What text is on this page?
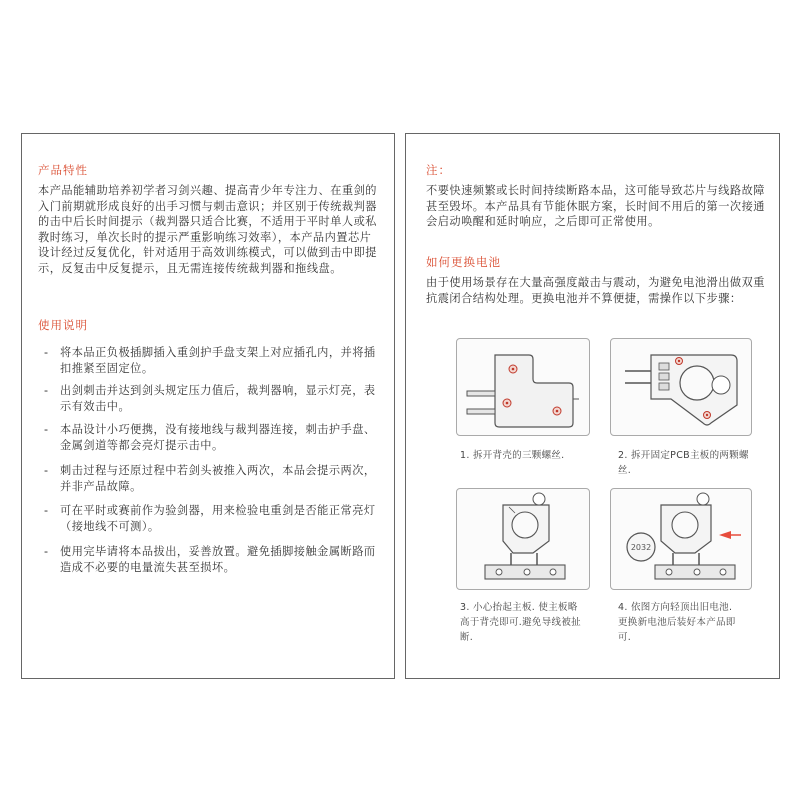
产品特性
本产品能辅助培养初学者习剑兴趣、提高青少年专注力、在重剑的入门前期就形成良好的出手习惯与刺击意识；并区别于传统裁判器的击中后长时间提示（裁判器只适合比赛，不适用于平时单人或私教时练习，单次长时的提示严重影响练习效率），本产品内置芯片设计经过反复优化，针对适用于高效训练模式，可以做到击中即提示，反复击中反复提示，且无需连接传统裁判器和拖线盘。
使用说明
-	将本品正负极插脚插入重剑护手盘支架上对应插孔内，并将插扣推紧至固定位。
-	出剑刺击并达到剑头规定压力值后，裁判器响，显示灯亮，表示有效击中。
-	本品设计小巧便携，没有接地线与裁判器连接，刺击护手盘、金属剑道等都会亮灯提示击中。
-	刺击过程与还原过程中若剑头被推入两次，本品会提示两次，并非产品故障。
-	可在平时或赛前作为验剑器，用来检验电重剑是否能正常亮灯（接地线不可测）。
-	使用完毕请将本品拔出，妥善放置。避免插脚接触金属断路而造成不必要的电量流失甚至损坏。
注：
不要快速频繁或长时间持续断路本品，这可能导致芯片与线路故障甚至毁坏。本产品具有节能休眠方案，长时间不用后的第一次接通会启动唤醒和延时响应，之后即可正常使用。
如何更换电池
由于使用场景存在大量高强度敲击与震动，为避免电池滑出做双重抗震闭合结构处理。更换电池并不算便捷，需操作以下步骤：
1. 拆开背壳的三颗螺丝.	2. 拆开固定PCB主板的两颗螺丝.
3. 小心抬起主板. 使主板略高于背壳即可.避免导线被扯断.
2032
4. 依图方向轻顶出旧电池. 更换新电池后装好本产品即可.
